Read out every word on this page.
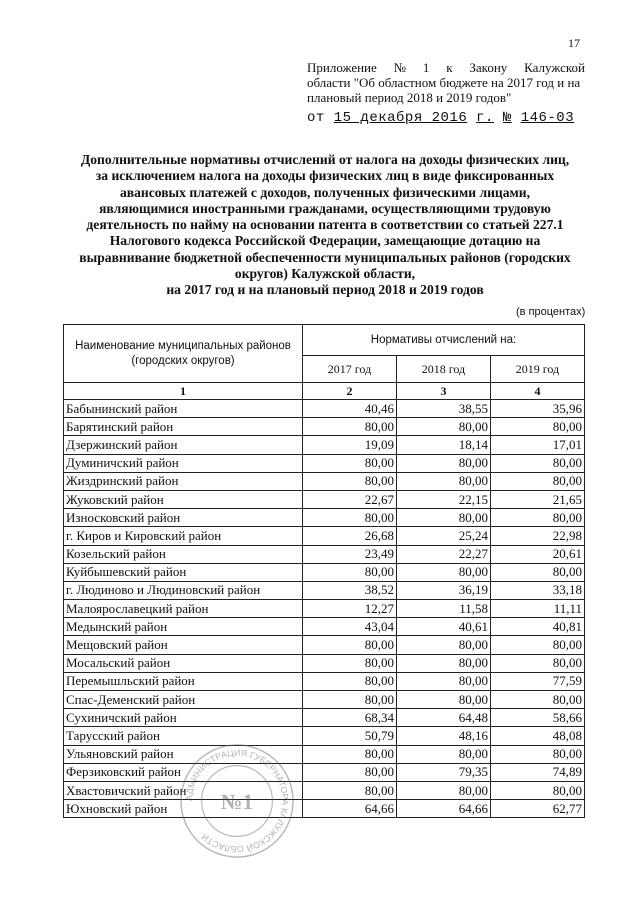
17
Приложение № 1 к Закону Калужской
области "Об областном бюджете на 2017 год и на
плановый период 2018 и 2019 годов"
от 15 декабря 2016 г. № 146-03
Дополнительные нормативы отчислений от налога на доходы физических лиц,
за исключением налога на доходы физических лиц в виде фиксированных
авансовых платежей с доходов, полученных физическими лицами,
являющимися иностранными гражданами, осуществляющими трудовую
деятельность по найму на основании патента в соответствии со статьей 227.1
Налогового кодекса Российской Федерации, замещающие дотацию на
выравнивание бюджетной обеспеченности муниципальных районов (городских
округов) Калужской области,
на 2017 год и на плановый период 2018 и 2019 годов
(в процентах)
Наименование муниципальных районов (городских округов)	Нормативы отчислений на:		
	2017 год	2018 год	2019 год
1	2	3	4
Бабынинский район	40,46	38,55	35,96
Барятинский район	80,00	80,00	80,00
Дзержинский район	19,09	18,14	17,01
Думиничский район	80,00	80,00	80,00
Жиздринский район	80,00	80,00	80,00
Жуковский район	22,67	22,15	21,65
Износковский район	80,00	80,00	80,00
г. Киров и Кировский район	26,68	25,24	22,98
Козельский район	23,49	22,27	20,61
Куйбышевский район	80,00	80,00	80,00
г. Людиново и Людиновский район	38,52	36,19	33,18
Малоярославецкий район	12,27	11,58	11,11
Медынский район	43,04	40,61	40,81
Мещовский район	80,00	80,00	80,00
Мосальский район	80,00	80,00	80,00
Перемышльский район	80,00	80,00	77,59
Спас-Деменский район	80,00	80,00	80,00
Сухиничский район	68,34	64,48	58,66
Тарусский район	50,79	48,16	48,08
Ульяновский район	80,00	80,00	80,00
Ферзиковский район	80,00	79,35	74,89
Хвастовичский район	80,00	80,00	80,00
Юхновский район	64,66	64,66	62,77
АДМИНИСТРАЦИЯ ГУБЕРНАТОРА КАЛУЖСКОЙ ОБЛАСТИ
№1
